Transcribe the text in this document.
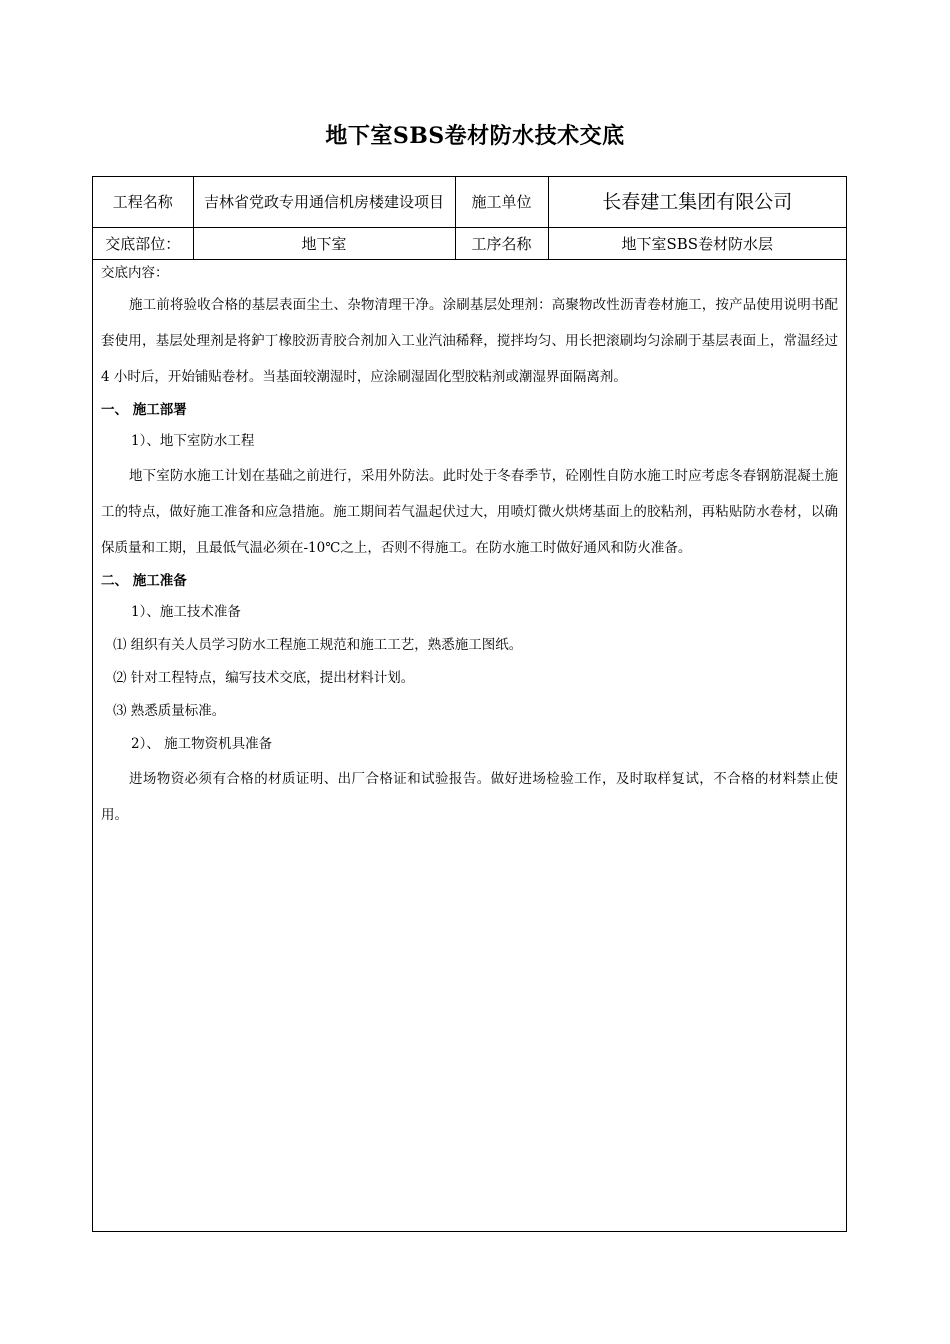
地下室SBS卷材防水技术交底
工程名称	吉林省党政专用通信机房楼建设项目	施工单位	长春建工集团有限公司
交底部位：	地下室	工序名称	地下室SBS卷材防水层

交底内容：

施工前将验收合格的基层表面尘土、杂物清理干净。涂刷基层处理剂：高聚物改性沥青卷材施工，按产品使用说明书配套使用，基层处理剂是将鈩丁橡胶沥青胶合剂加入工业汽油稀释，搅拌均匀、用长把滚刷均匀涂刷于基层表面上，常温经过 4 小时后，开始铺贴卷材。当基面较潮湿时，应涂刷湿固化型胶粘剂或潮湿界面隔离剂。

一、 施工部署

1）、地下室防水工程

地下室防水施工计划在基础之前进行，采用外防法。此时处于冬春季节，砼刚性自防水施工时应考虑冬春钢筋混凝土施工的特点，做好施工准备和应急措施。施工期间若气温起伏过大，用喷灯微火烘烤基面上的胶粘剂，再粘贴防水卷材，以确保质量和工期，且最低气温必须在-10℃之上，否则不得施工。在防水施工时做好通风和防火准备。

二、 施工准备

1）、施工技术准备

⑴ 组织有关人员学习防水工程施工规范和施工工艺，熟悉施工图纸。

⑵ 针对工程特点，编写技术交底，提出材料计划。

⑶ 熟悉质量标准。

2）、 施工物资机具准备

进场物资必须有合格的材质证明、出厂合格证和试验报告。做好进场检验工作，及时取样复试，不合格的材料禁止使用。
